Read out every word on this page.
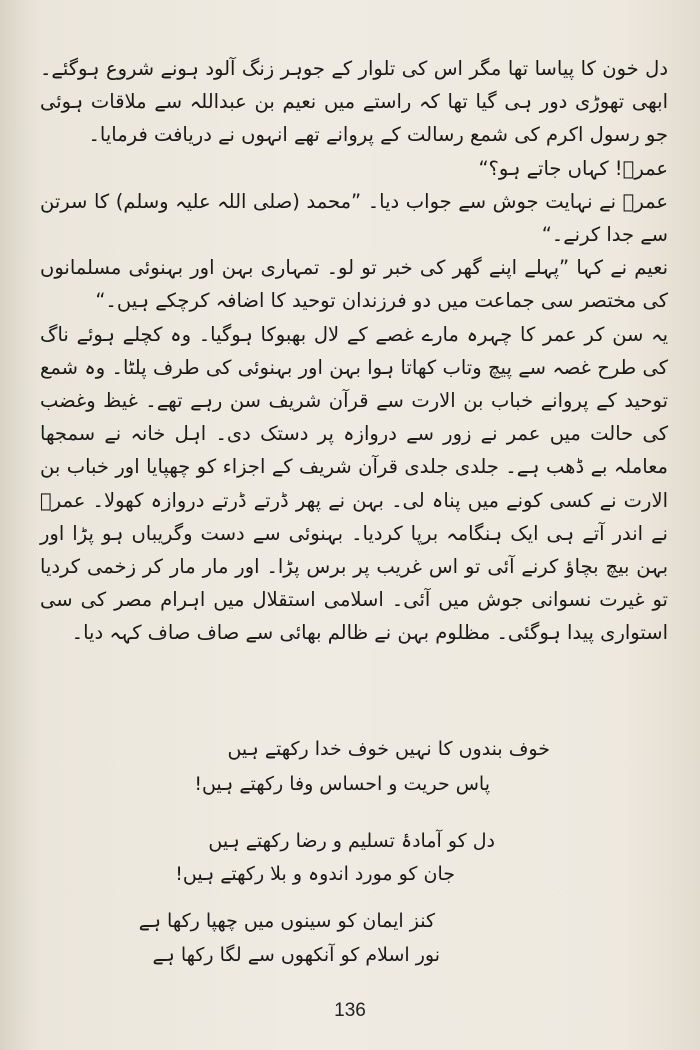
دل خون کا پیاسا تھا مگر اس کی تلوار کے جوہر زنگ آلود ہونے شروع ہوگئے۔ ابھی تھوڑی دور ہی گیا تھا کہ راستے میں نعیم بن عبداللہ سے ملاقات ہوئی جو رسول اکرم کی شمع رسالت کے پروانے تھے انہوں نے دریافت فرمایا۔

عمرؓ! کہاں جاتے ہو؟“

عمرؓ نے نہایت جوش سے جواب دیا۔ ”محمد (صلی اللہ علیہ وسلم) کا سرتن سے جدا کرنے۔“

نعیم نے کہا ”پہلے اپنے گھر کی خبر تو لو۔ تمہاری بہن اور بہنوئی مسلمانوں کی مختصر سی جماعت میں دو فرزندان توحید کا اضافہ کرچکے ہیں۔“

یہ سن کر عمر کا چہرہ مارے غصے کے لال بھبوکا ہوگیا۔ وہ کچلے ہوئے ناگ کی طرح غصہ سے پیچ وتاب کھاتا ہوا بہن اور بہنوئی کی طرف پلٹا۔ وہ شمع توحید کے پروانے خباب بن الارت سے قرآن شریف سن رہے تھے۔ غیظ وغضب کی حالت میں عمر نے زور سے دروازہ پر دستک دی۔ اہل خانہ نے سمجھا معاملہ بے ڈھب ہے۔ جلدی جلدی قرآن شریف کے اجزاء کو چھپایا اور خباب بن الارت نے کسی کونے میں پناہ لی۔ بہن نے پھر ڈرتے ڈرتے دروازہ کھولا۔ عمرؓ نے اندر آتے ہی ایک ہنگامہ برپا کردیا۔ بہنوئی سے دست وگریباں ہو پڑا اور بہن بیچ بچاؤ کرنے آئی تو اس غریب پر برس پڑا۔ اور مار مار کر زخمی کردیا تو غیرت نسوانی جوش میں آئی۔ اسلامی استقلال میں اہرام مصر کی سی استواری پیدا ہوگئی۔ مظلوم بہن نے ظالم بھائی سے صاف صاف کہہ دیا۔

خوف بندوں کا نہیں خوف خدا رکھتے ہیں
پاس حریت و احساس وفا رکھتے ہیں!
دل کو آمادۂ تسلیم و رضا رکھتے ہیں
جان کو مورد اندوہ و بلا رکھتے ہیں!
کنز ایمان کو سینوں میں چھپا رکھا ہے
نور اسلام کو آنکھوں سے لگا رکھا ہے
136
